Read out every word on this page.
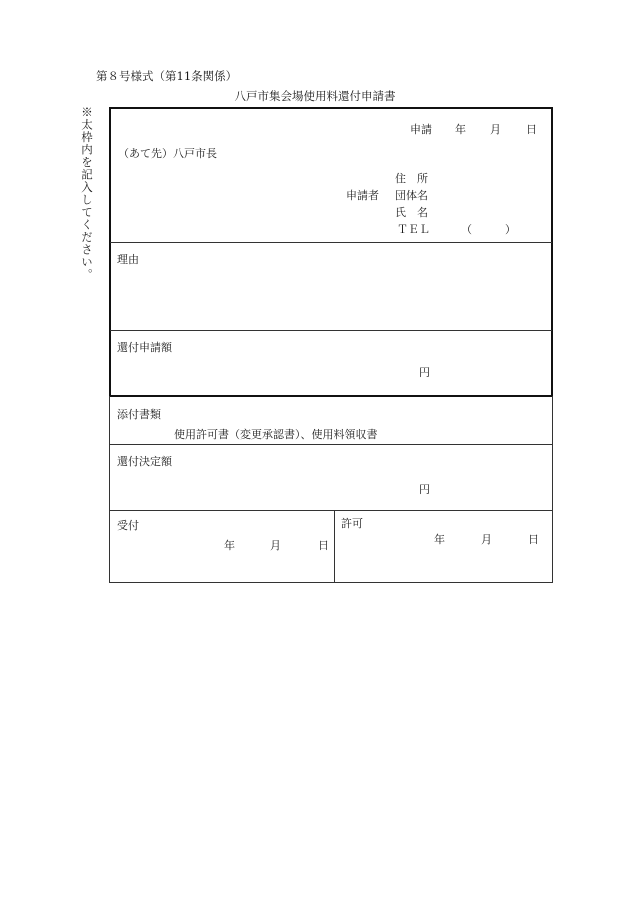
第８号様式（第11条関係）
八戸市集会場使用料還付申請書
※太枠内を記入してください。	申請 年 月 日
（あて先）八戸市長
申請者
住　所
団体名
氏　名
ＴＥＬ	（　　　）
理由
還付申請額
円
添付書類
使用許可書（変更承認書）、使用料領収書
還付決定額
円
受付
年	月	日
許可
年	月	日
